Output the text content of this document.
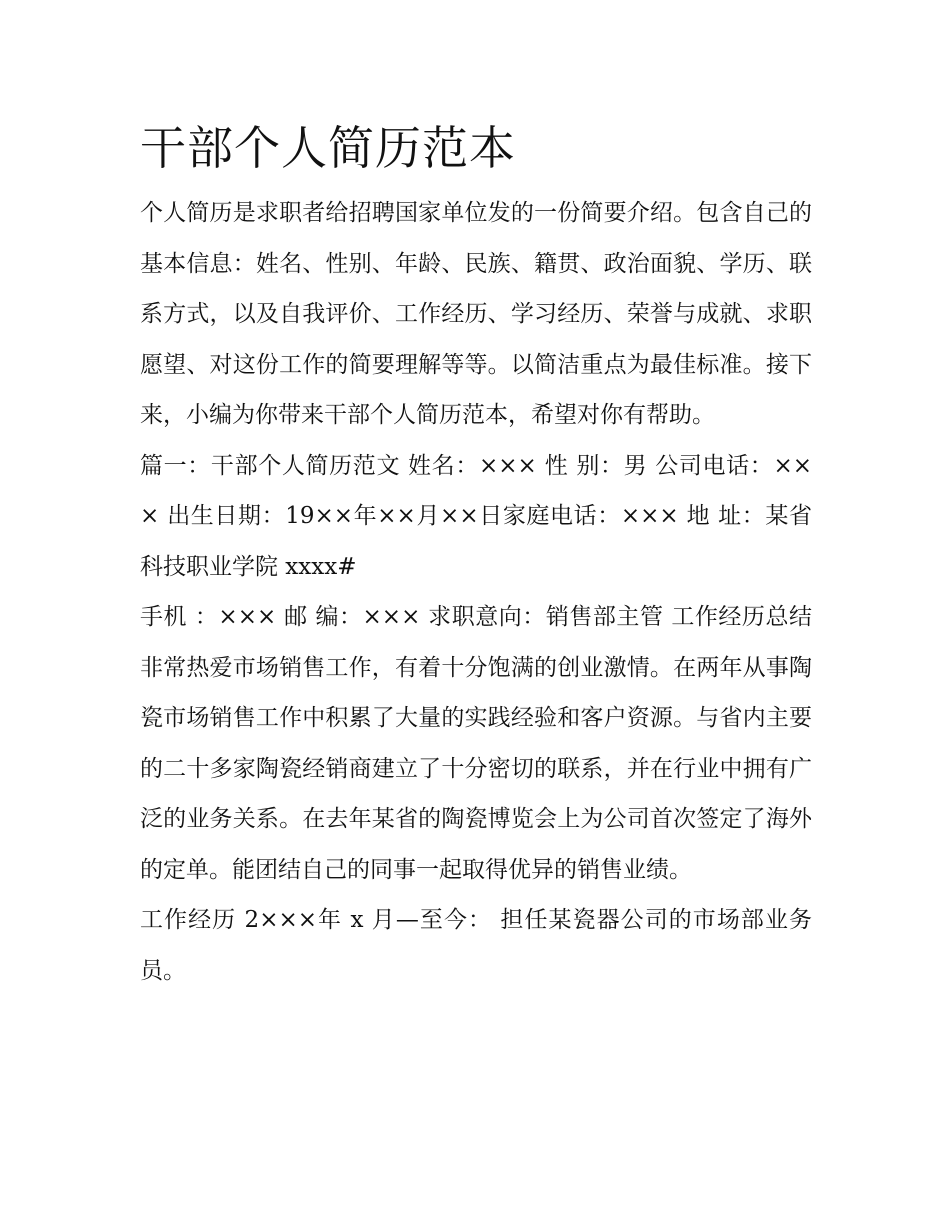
干部个人简历范本

个人简历是求职者给招聘国家单位发的一份简要介绍。包含自己的基本信息：姓名、性别、年龄、民族、籍贯、政治面貌、学历、联系方式，以及自我评价、工作经历、学习经历、荣誉与成就、求职愿望、对这份工作的简要理解等等。以简洁重点为最佳标准。接下来，小编为你带来干部个人简历范本，希望对你有帮助。

篇一：干部个人简历范文 姓名：××× 性 别：男 公司电话：××× 出生日期：19××年××月××日家庭电话：××× 地 址：某省科技职业学院 xxxx#

手机 ：××× 邮 编：××× 求职意向：销售部主管 工作经历总结非常热爱市场销售工作，有着十分饱满的创业激情。在两年从事陶瓷市场销售工作中积累了大量的实践经验和客户资源。与省内主要的二十多家陶瓷经销商建立了十分密切的联系，并在行业中拥有广泛的业务关系。在去年某省的陶瓷博览会上为公司首次签定了海外的定单。能团结自己的同事一起取得优异的销售业绩。

工作经历 2×××年 x 月—至今： 担任某瓷器公司的市场部业务员。
